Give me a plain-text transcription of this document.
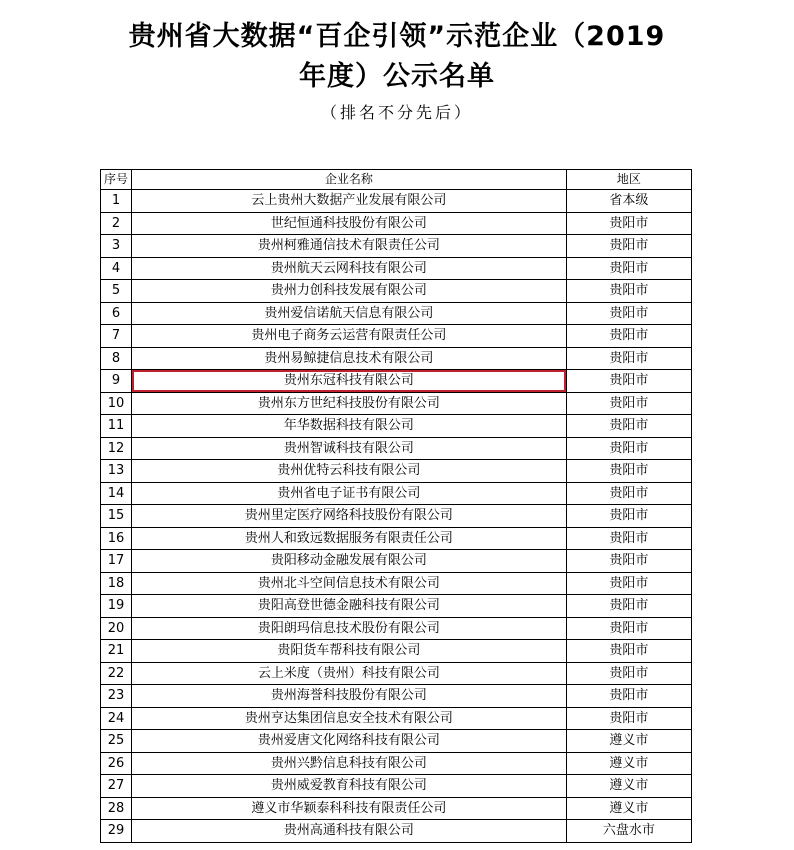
贵州省大数据“百企引领”示范企业（2019
年度）公示名单
（排名不分先后）
序号	企业名称	地区
1	云上贵州大数据产业发展有限公司	省本级
2	世纪恒通科技股份有限公司	贵阳市
3	贵州柯雅通信技术有限责任公司	贵阳市
4	贵州航天云网科技有限公司	贵阳市
5	贵州力创科技发展有限公司	贵阳市
6	贵州爱信诺航天信息有限公司	贵阳市
7	贵州电子商务云运营有限责任公司	贵阳市
8	贵州易鲸捷信息技术有限公司	贵阳市
9	贵州东冠科技有限公司	贵阳市
10	贵州东方世纪科技股份有限公司	贵阳市
11	年华数据科技有限公司	贵阳市
12	贵州智诚科技有限公司	贵阳市
13	贵州优特云科技有限公司	贵阳市
14	贵州省电子证书有限公司	贵阳市
15	贵州里定医疗网络科技股份有限公司	贵阳市
16	贵州人和致远数据服务有限责任公司	贵阳市
17	贵阳移动金融发展有限公司	贵阳市
18	贵州北斗空间信息技术有限公司	贵阳市
19	贵阳高登世德金融科技有限公司	贵阳市
20	贵阳朗玛信息技术股份有限公司	贵阳市
21	贵阳货车帮科技有限公司	贵阳市
22	云上米度（贵州）科技有限公司	贵阳市
23	贵州海誉科技股份有限公司	贵阳市
24	贵州亨达集团信息安全技术有限公司	贵阳市
25	贵州爱唐文化网络科技有限公司	遵义市
26	贵州兴黔信息科技有限公司	遵义市
27	贵州威爱教育科技有限公司	遵义市
28	遵义市华颖泰科科技有限责任公司	遵义市
29	贵州高通科技有限公司	六盘水市
